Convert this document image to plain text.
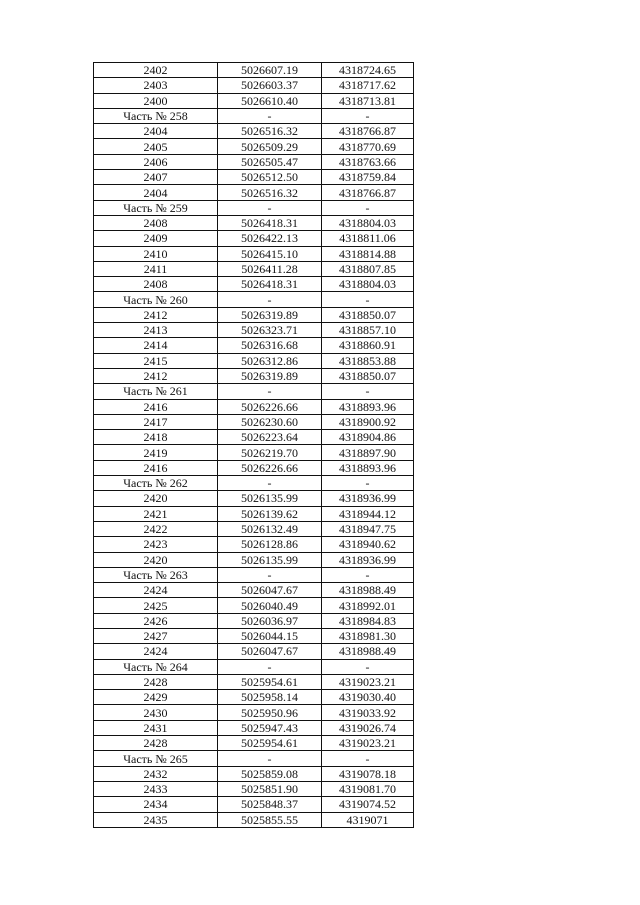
2402	5026607.19	4318724.65
2403	5026603.37	4318717.62
2400	5026610.40	4318713.81
Часть № 258	-	-
2404	5026516.32	4318766.87
2405	5026509.29	4318770.69
2406	5026505.47	4318763.66
2407	5026512.50	4318759.84
2404	5026516.32	4318766.87
Часть № 259	-	-
2408	5026418.31	4318804.03
2409	5026422.13	4318811.06
2410	5026415.10	4318814.88
2411	5026411.28	4318807.85
2408	5026418.31	4318804.03
Часть № 260	-	-
2412	5026319.89	4318850.07
2413	5026323.71	4318857.10
2414	5026316.68	4318860.91
2415	5026312.86	4318853.88
2412	5026319.89	4318850.07
Часть № 261	-	-
2416	5026226.66	4318893.96
2417	5026230.60	4318900.92
2418	5026223.64	4318904.86
2419	5026219.70	4318897.90
2416	5026226.66	4318893.96
Часть № 262	-	-
2420	5026135.99	4318936.99
2421	5026139.62	4318944.12
2422	5026132.49	4318947.75
2423	5026128.86	4318940.62
2420	5026135.99	4318936.99
Часть № 263	-	-
2424	5026047.67	4318988.49
2425	5026040.49	4318992.01
2426	5026036.97	4318984.83
2427	5026044.15	4318981.30
2424	5026047.67	4318988.49
Часть № 264	-	-
2428	5025954.61	4319023.21
2429	5025958.14	4319030.40
2430	5025950.96	4319033.92
2431	5025947.43	4319026.74
2428	5025954.61	4319023.21
Часть № 265	-	-
2432	5025859.08	4319078.18
2433	5025851.90	4319081.70
2434	5025848.37	4319074.52
2435	5025855.55	4319071
